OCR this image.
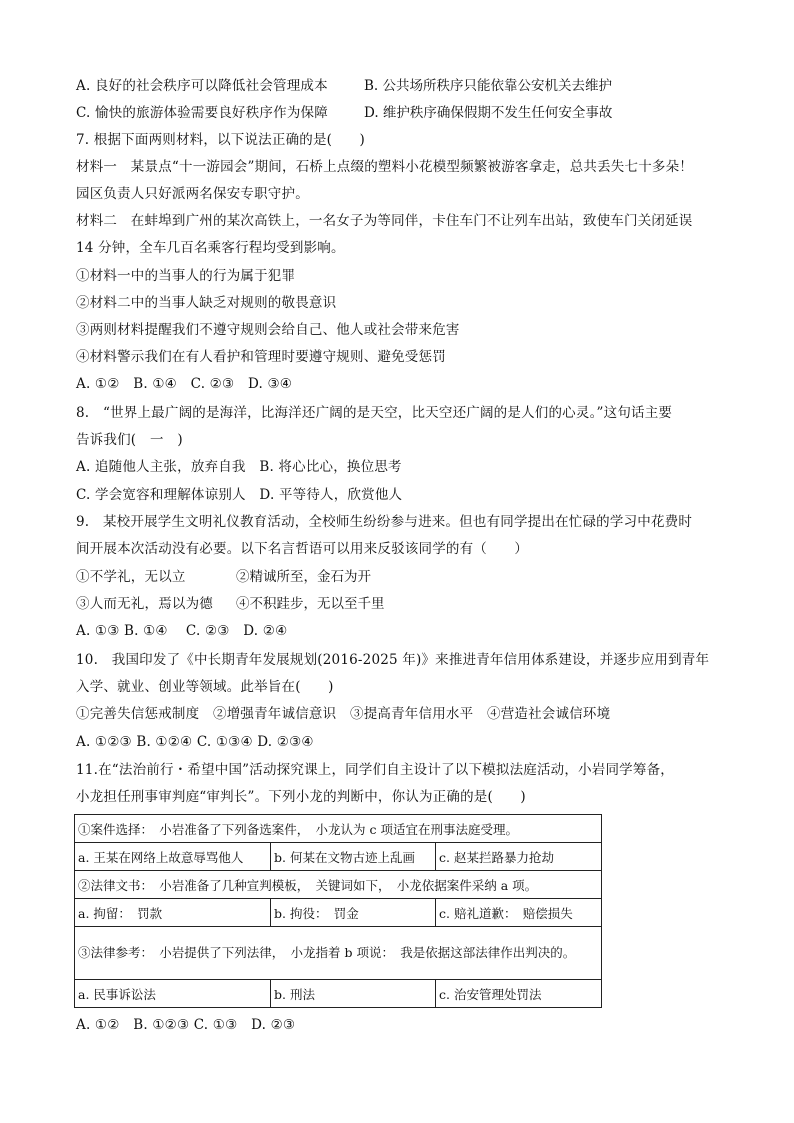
A. 良好的社会秩序可以降低社会管理成本	B. 公共场所秩序只能依靠公安机关去维护
C. 愉快的旅游体验需要良好秩序作为保障	D. 维护秩序确保假期不发生任何安全事故
7. 根据下面两则材料，以下说法正确的是(　　)
材料一　某景点“十一游园会”期间，石桥上点缀的塑料小花模型频繁被游客拿走，总共丢失七十多朵！
园区负责人只好派两名保安专职守护。
材料二　在蚌埠到广州的某次高铁上，一名女子为等同伴，卡住车门不让列车出站，致使车门关闭延误
14 分钟，全车几百名乘客行程均受到影响。
①材料一中的当事人的行为属于犯罪
②材料二中的当事人缺乏对规则的敬畏意识
③两则材料提醒我们不遵守规则会给自己、他人或社会带来危害
④材料警示我们在有人看护和管理时要遵守规则、避免受惩罚
A. ①②　B. ①④　C. ②③　D. ③④
8.　“世界上最广阔的是海洋，比海洋还广阔的是天空，比天空还广阔的是人们的心灵。”这句话主要
告诉我们(　一　)
A. 追随他人主张，放弃自我　B. 将心比心，换位思考
C. 学会宽容和理解体谅别人　D. 平等待人，欣赏他人
9.　某校开展学生文明礼仪教育活动，全校师生纷纷参与进来。但也有同学提出在忙碌的学习中花费时
间开展本次活动没有必要。以下名言哲语可以用来反驳该同学的有（　　）
①不学礼，无以立	②精诚所至，金石为开
③人而无礼，焉以为德 ④不积跬步，无以至千里
A. ①③ B. ①④　 C. ②③　D. ②④
10.　我国印发了《中长期青年发展规划(2016-2025 年)》来推进青年信用体系建设，并逐步应用到青年
入学、就业、创业等领域。此举旨在(　　)
①完善失信惩戒制度　②增强青年诚信意识　③提高青年信用水平　④营造社会诚信环境
A. ①②③ B. ①②④ C. ①③④ D. ②③④
11.在“法治前行・希望中国”活动探究课上，同学们自主设计了以下模拟法庭活动，小岩同学筹备，
小龙担任刑事审判庭“审判长”。下列小龙的判断中，你认为正确的是(　　)
①案件选择：　小岩准备了下列备选案件，　小龙认为 c 项适宜在刑事法庭受理。		
a. 王某在网络上故意辱骂他人	b. 何某在文物古迹上乱画	c. 赵某拦路暴力抢劫
②法律文书：　小岩准备了几种宣判模板，　关键词如下，　小龙依据案件采纳 a 项。		
a. 拘留：　罚款	b. 拘役：　罚金	c. 赔礼道歉：　赔偿损失
③法律参考：　小岩提供了下列法律，　小龙指着 b 项说：　我是依据这部法律作出判决的。		
a. 民事诉讼法	b. 刑法	c. 治安管理处罚法
A. ①②　B. ①②③ C. ①③　D. ②③
